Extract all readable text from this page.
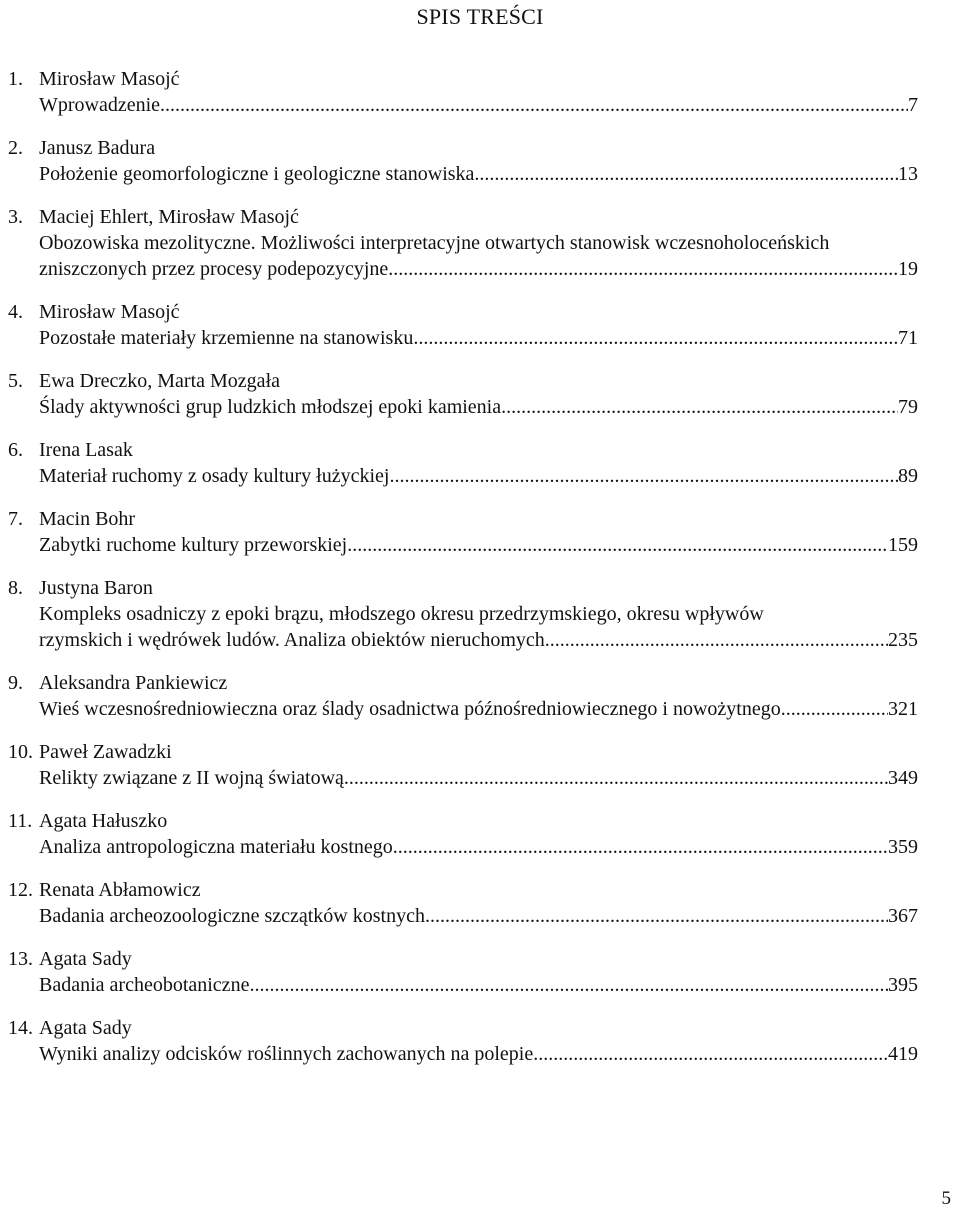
SPIS TREŚCI
1. Mirosław Masojć
Wprowadzenie .....	7
2. Janusz Badura
Położenie geomorfologiczne i geologiczne stanowiska .....	13
3. Maciej Ehlert, Mirosław Masojć
Obozowiska mezolityczne. Możliwości interpretacyjne otwartych stanowisk wczesnoholoceńskich
zniszczonych przez procesy podepozycyjne. .....	19
4. Mirosław Masojć
Pozostałe materiały krzemienne na stanowisku .....	71
5. Ewa Dreczko, Marta Mozgała
Ślady aktywności grup ludzkich młodszej epoki kamienia .....	79
6. Irena Lasak
Materiał ruchomy z osady kultury łużyckiej .....	89
7. Macin Bohr
Zabytki ruchome kultury przeworskiej .....	159
8. Justyna Baron
Kompleks osadniczy z epoki brązu, młodszego okresu przedrzymskiego, okresu wpływów
rzymskich i wędrówek ludów. Analiza obiektów nieruchomych .....	235
9. Aleksandra Pankiewicz
Wieś wczesnośredniowieczna oraz ślady osadnictwa późnośredniowiecznego i nowożytnego .....	321
10. Paweł Zawadzki
Relikty związane z II wojną światową .....	349
11. Agata Hałuszko
Analiza antropologiczna materiału kostnego .....	359
12. Renata Abłamowicz
Badania archeozoologiczne szczątków kostnych .....	367
13. Agata Sady
Badania archeobotaniczne .....	395
14. Agata Sady
Wyniki analizy odcisków roślinnych zachowanych na polepie .....	419
5
